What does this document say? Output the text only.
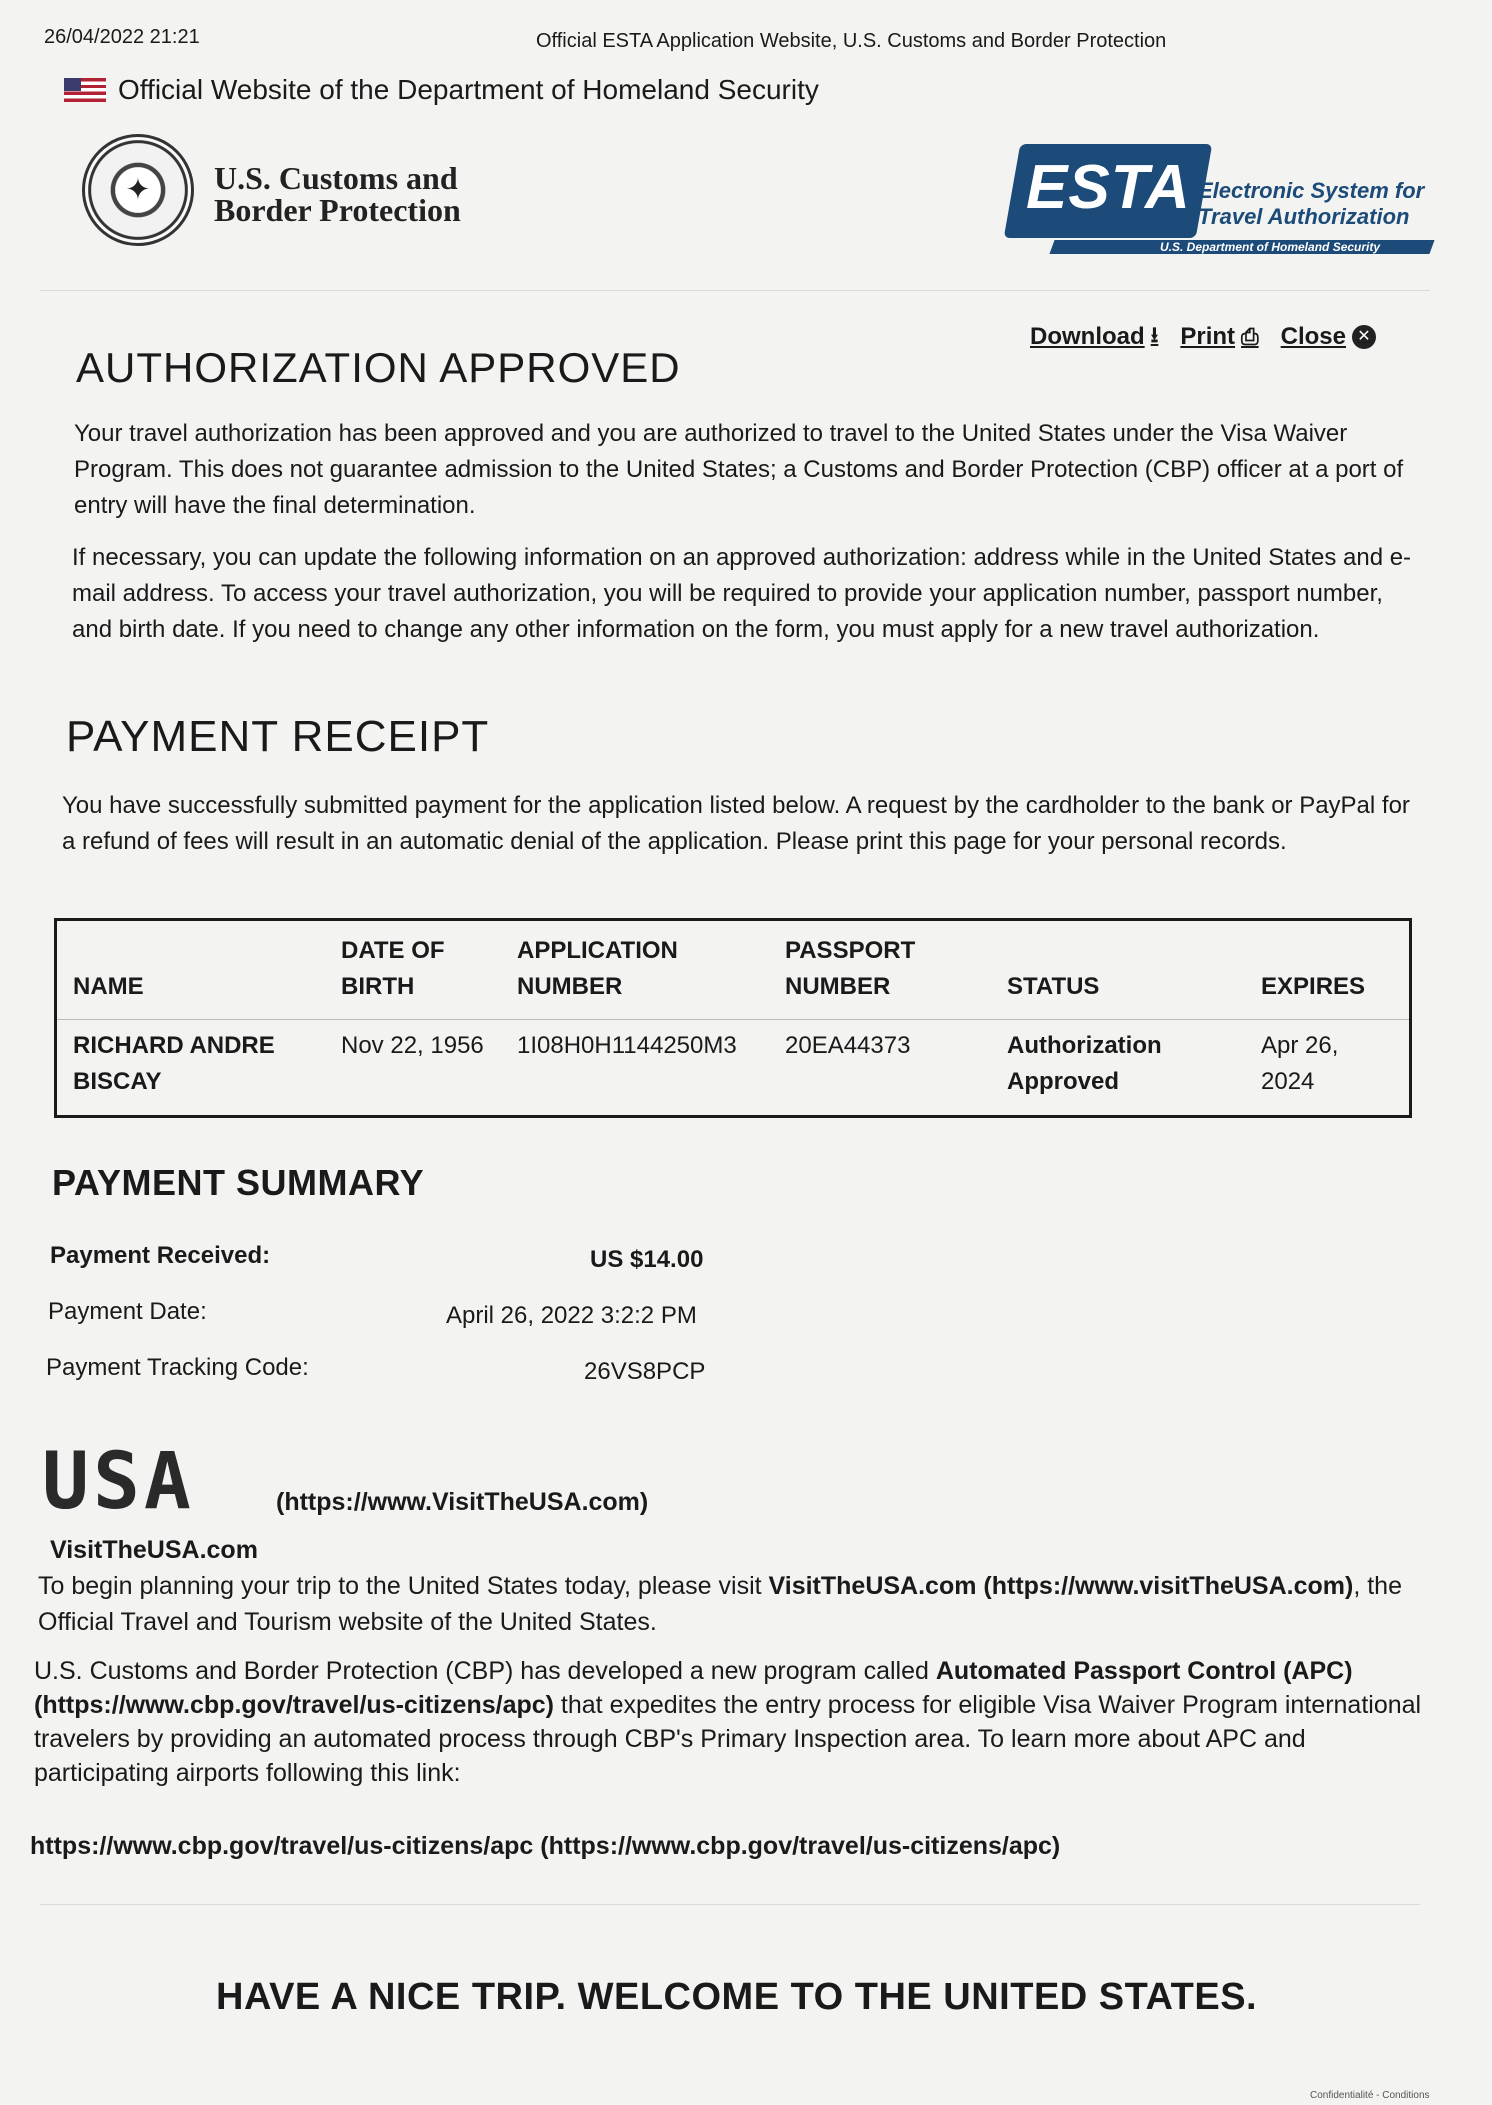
26/04/2022 21:21	Official ESTA Application Website, U.S. Customs and Border Protection
Official Website of the Department of Homeland Security
✦ U.S. Customs and
Border Protection	ESTA Electronic System for
Travel Authorization
U.S. Department of Homeland Security
Download ⭳ Print ⎙ Close ✕
AUTHORIZATION APPROVED
Your travel authorization has been approved and you are authorized to travel to the United States under the Visa Waiver Program. This does not guarantee admission to the United States; a Customs and Border Protection (CBP) officer at a port of entry will have the final determination.
If necessary, you can update the following information on an approved authorization: address while in the United States and e-mail address. To access your travel authorization, you will be required to provide your application number, passport number, and birth date. If you need to change any other information on the form, you must apply for a new travel authorization.
PAYMENT RECEIPT
You have successfully submitted payment for the application listed below. A request by the cardholder to the bank or PayPal for a refund of fees will result in an automatic denial of the application. Please print this page for your personal records.
NAME	DATE OF BIRTH	APPLICATION NUMBER	PASSPORT NUMBER	STATUS	EXPIRES
RICHARD ANDRE BISCAY	Nov 22, 1956	1I08H0H1144250M3	20EA44373	Authorization Approved	Apr 26, 2024
PAYMENT SUMMARY
Payment Received:	US $14.00
Payment Date:	April 26, 2022 3:2:2 PM
Payment Tracking Code:	26VS8PCP
USA	(https://www.VisitTheUSA.com)
VisitTheUSA.com
To begin planning your trip to the United States today, please visit VisitTheUSA.com (https://www.visitTheUSA.com), the Official Travel and Tourism website of the United States.
U.S. Customs and Border Protection (CBP) has developed a new program called Automated Passport Control (APC) (https://www.cbp.gov/travel/us-citizens/apc) that expedites the entry process for eligible Visa Waiver Program international travelers by providing an automated process through CBP's Primary Inspection area. To learn more about APC and participating airports following this link:
https://www.cbp.gov/travel/us-citizens/apc (https://www.cbp.gov/travel/us-citizens/apc)
HAVE A NICE TRIP. WELCOME TO THE UNITED STATES.
Confidentialité - Conditions
